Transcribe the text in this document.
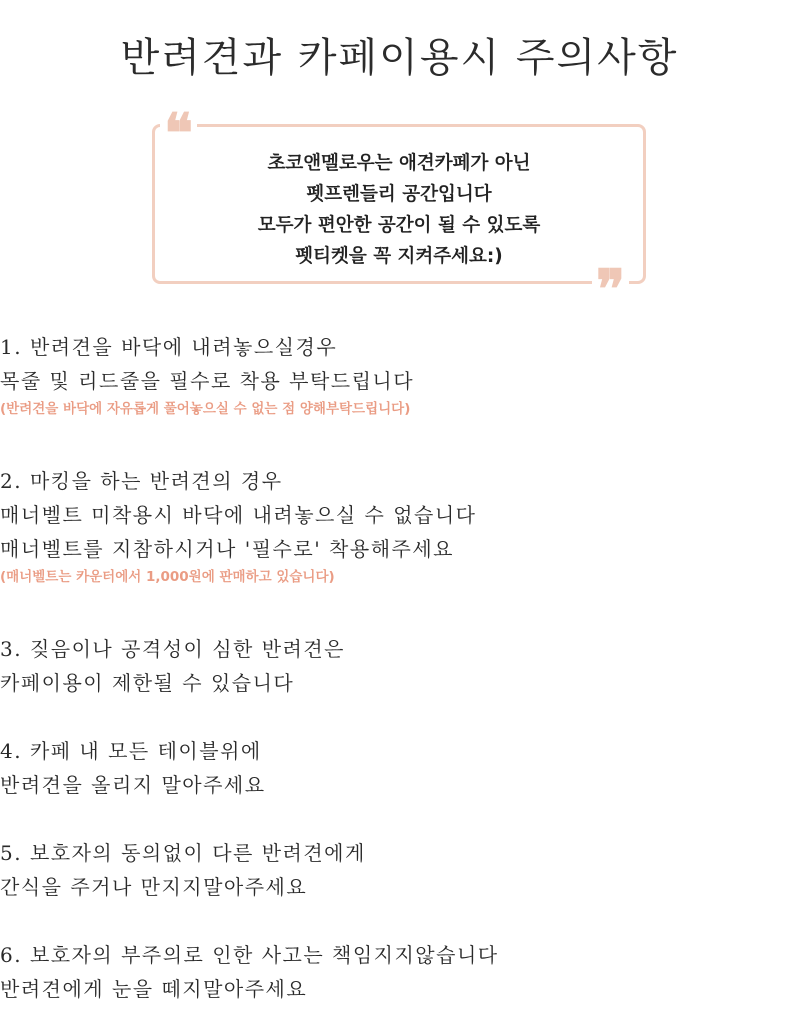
반려견과 카페이용시 주의사항
❝
❞
초코앤멜로우는 애견카페가 아닌
펫프렌들리 공간입니다
모두가 편안한 공간이 될 수 있도록
펫티켓을 꼭 지켜주세요:)
1. 반려견을 바닥에 내려놓으실경우
목줄 및 리드줄을 필수로 착용 부탁드립니다
(반려견을 바닥에 자유롭게 풀어놓으실 수 없는 점 양해부탁드립니다)
2. 마킹을 하는 반려견의 경우
매너벨트 미착용시 바닥에 내려놓으실 수 없습니다
매너벨트를 지참하시거나 '필수로' 착용해주세요
(매너벨트는 카운터에서 1,000원에 판매하고 있습니다)
3. 짖음이나 공격성이 심한 반려견은
카페이용이 제한될 수 있습니다
4. 카페 내 모든 테이블위에
반려견을 올리지 말아주세요
5. 보호자의 동의없이 다른 반려견에게
간식을 주거나 만지지말아주세요
6. 보호자의 부주의로 인한 사고는 책임지지않습니다
반려견에게 눈을 떼지말아주세요
